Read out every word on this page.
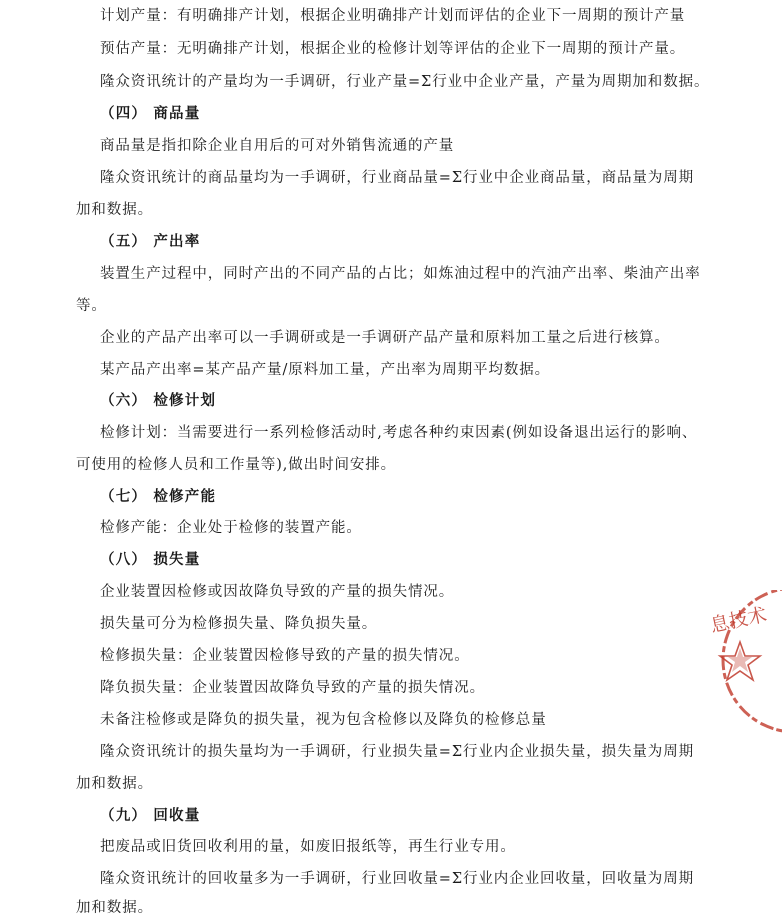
计划产量：有明确排产计划，根据企业明确排产计划而评估的企业下一周期的预计产量
预估产量：无明确排产计划，根据企业的检修计划等评估的企业下一周期的预计产量。
隆众资讯统计的产量均为一手调研，行业产量=Σ行业中企业产量，产量为周期加和数据。
（四） 商品量
商品量是指扣除企业自用后的可对外销售流通的产量
隆众资讯统计的商品量均为一手调研，行业商品量=Σ行业中企业商品量，商品量为周期
加和数据。
（五） 产出率
装置生产过程中，同时产出的不同产品的占比；如炼油过程中的汽油产出率、柴油产出率
等。
企业的产品产出率可以一手调研或是一手调研产品产量和原料加工量之后进行核算。
某产品产出率=某产品产量/原料加工量，产出率为周期平均数据。
（六） 检修计划
检修计划：当需要进行一系列检修活动时,考虑各种约束因素(例如设备退出运行的影响、
可使用的检修人员和工作量等),做出时间安排。
（七） 检修产能
检修产能：企业处于检修的装置产能。
（八） 损失量
企业装置因检修或因故降负导致的产量的损失情况。
损失量可分为检修损失量、降负损失量。
检修损失量：企业装置因检修导致的产量的损失情况。
降负损失量：企业装置因故降负导致的产量的损失情况。
未备注检修或是降负的损失量，视为包含检修以及降负的检修总量
隆众资讯统计的损失量均为一手调研，行业损失量=Σ行业内企业损失量，损失量为周期
加和数据。
（九） 回收量
把废品或旧货回收利用的量，如废旧报纸等，再生行业专用。
隆众资讯统计的回收量多为一手调研，行业回收量=Σ行业内企业回收量，回收量为周期
加和数据。
息技术
